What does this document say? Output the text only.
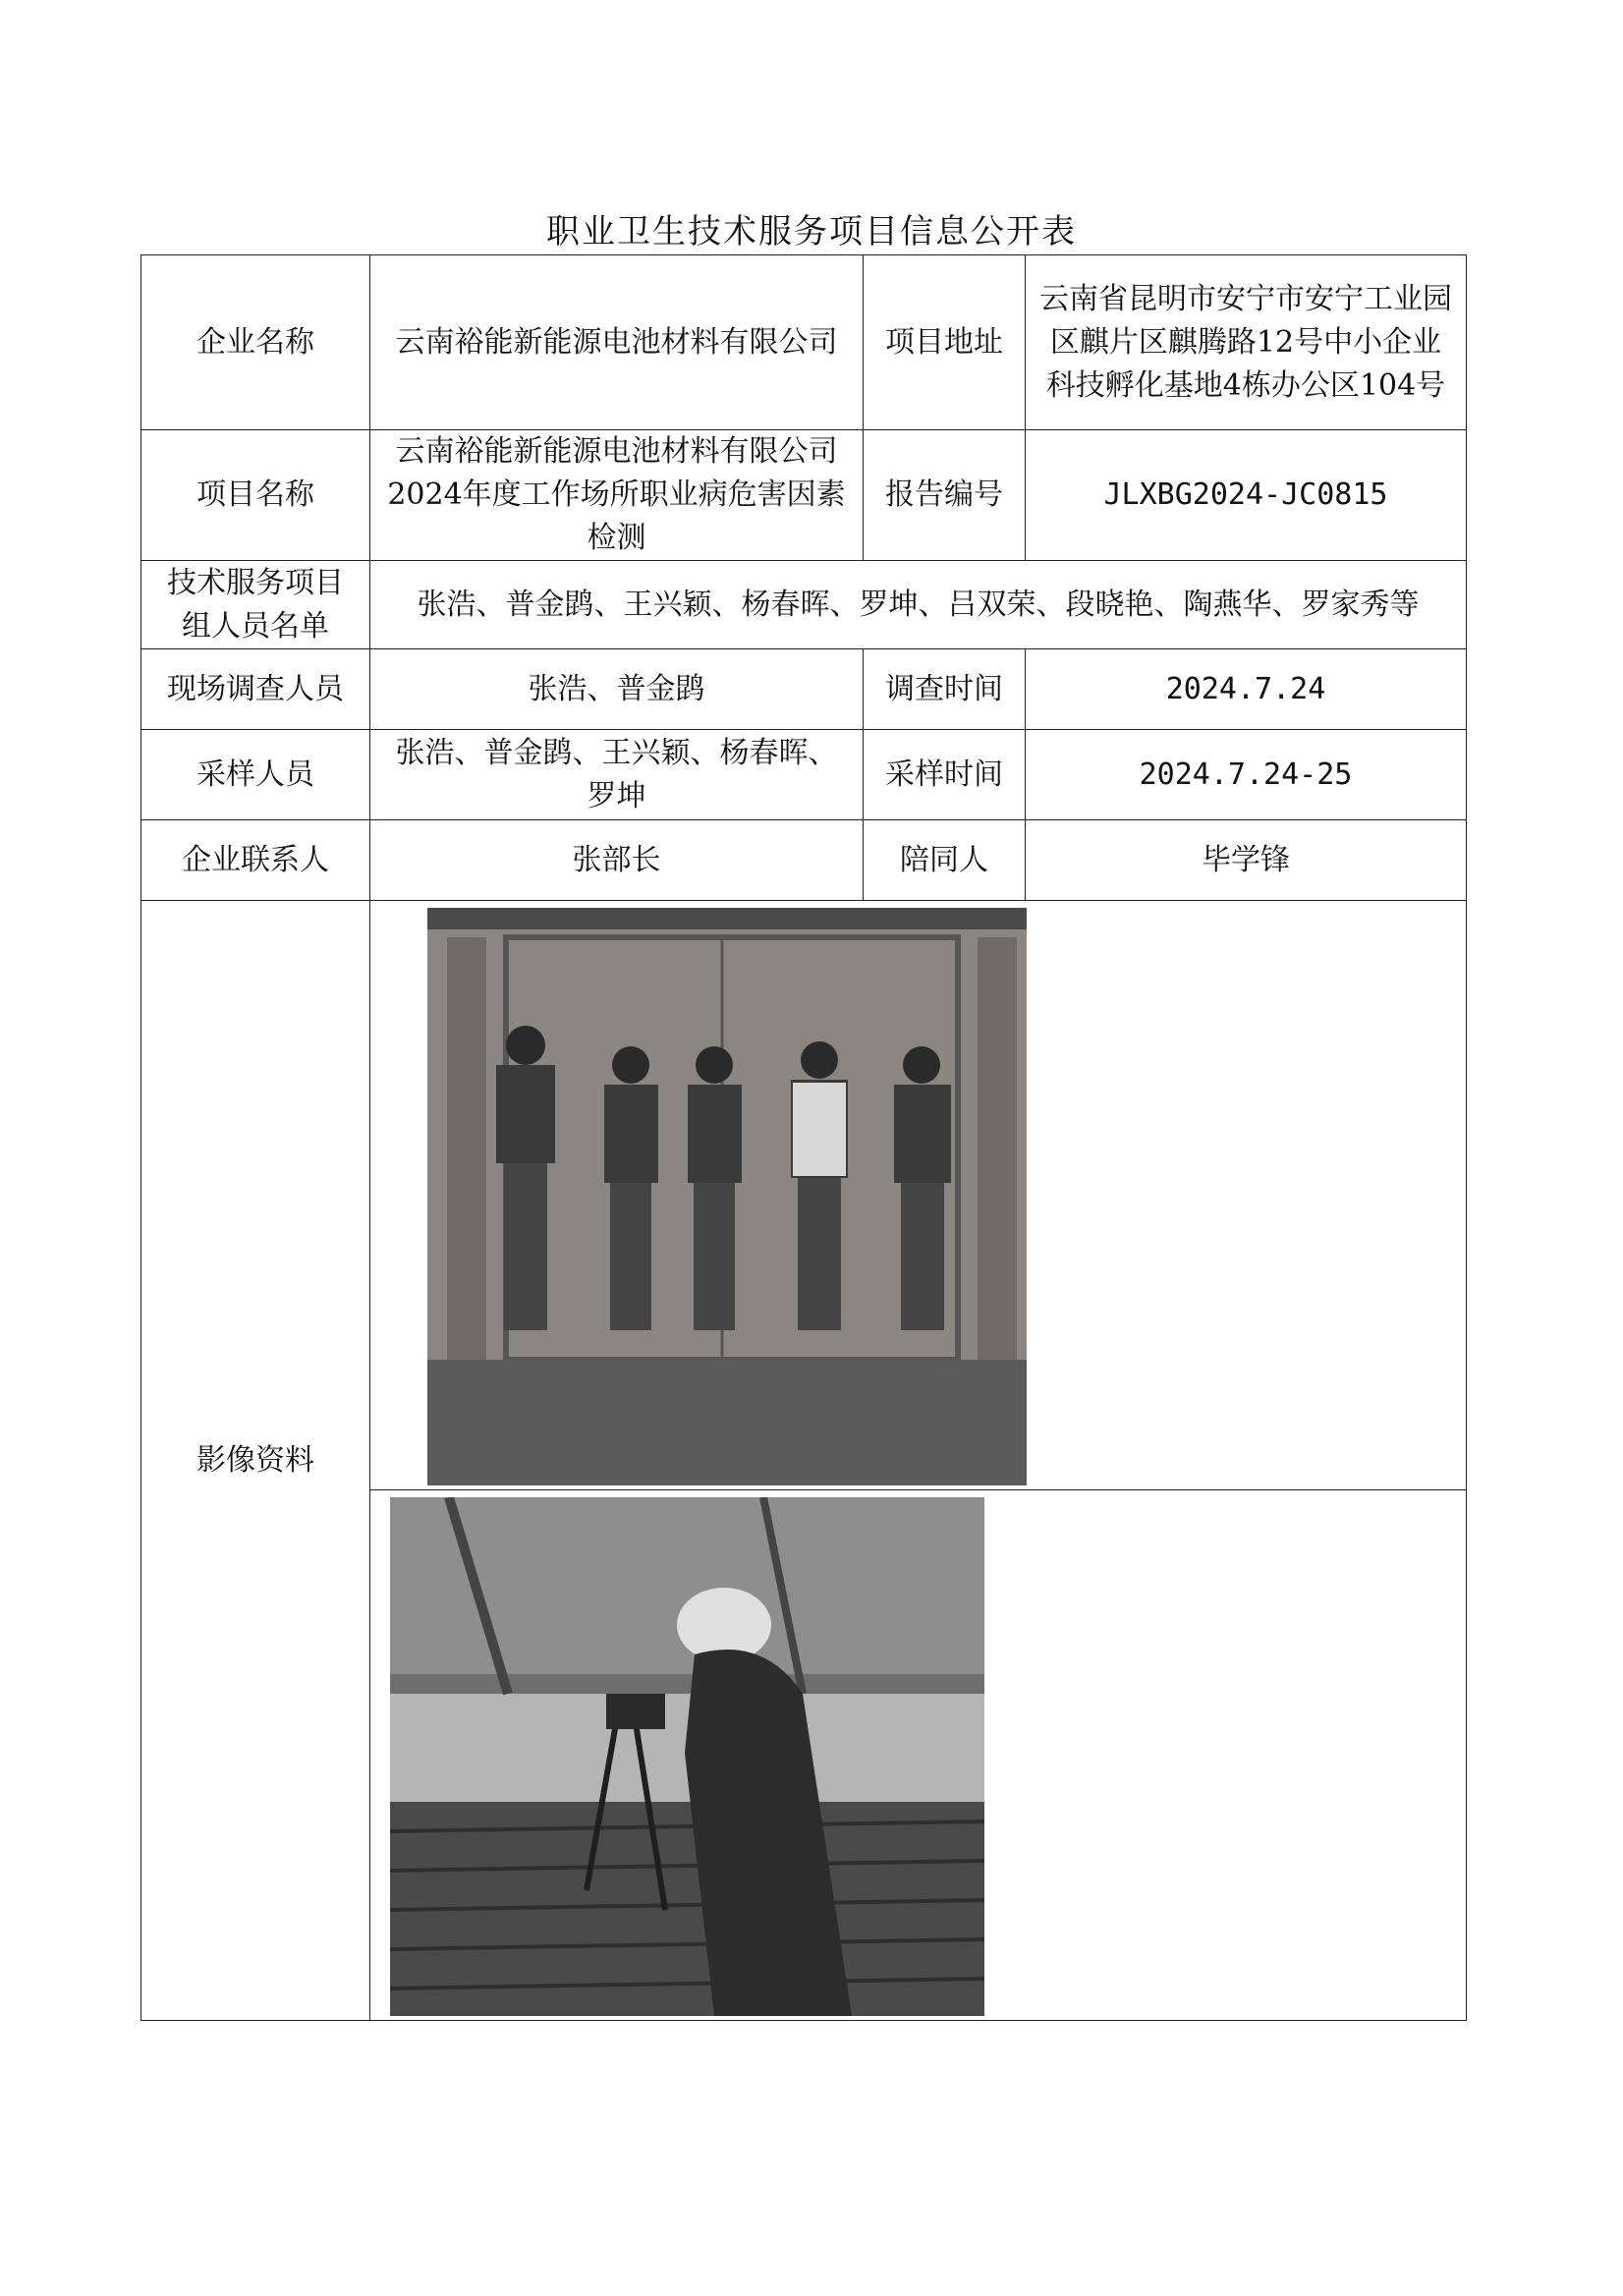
职业卫生技术服务项目信息公开表
企业名称	云南裕能新能源电池材料有限公司	项目地址	云南省昆明市安宁市安宁工业园区麒片区麒腾路12号中小企业科技孵化基地4栋办公区104号
项目名称	云南裕能新能源电池材料有限公司2024年度工作场所职业病危害因素检测	报告编号	JLXBG2024-JC0815
技术服务项目组人员名单	张浩、普金鹍、王兴颖、杨春晖、罗坤、吕双荣、段晓艳、陶燕华、罗家秀等		
现场调查人员	张浩、普金鹍	调查时间	2024.7.24
采样人员	张浩、普金鹍、王兴颖、杨春晖、罗坤	采样时间	2024.7.24-25
企业联系人	张部长	陪同人	毕学锋
影像资料	
